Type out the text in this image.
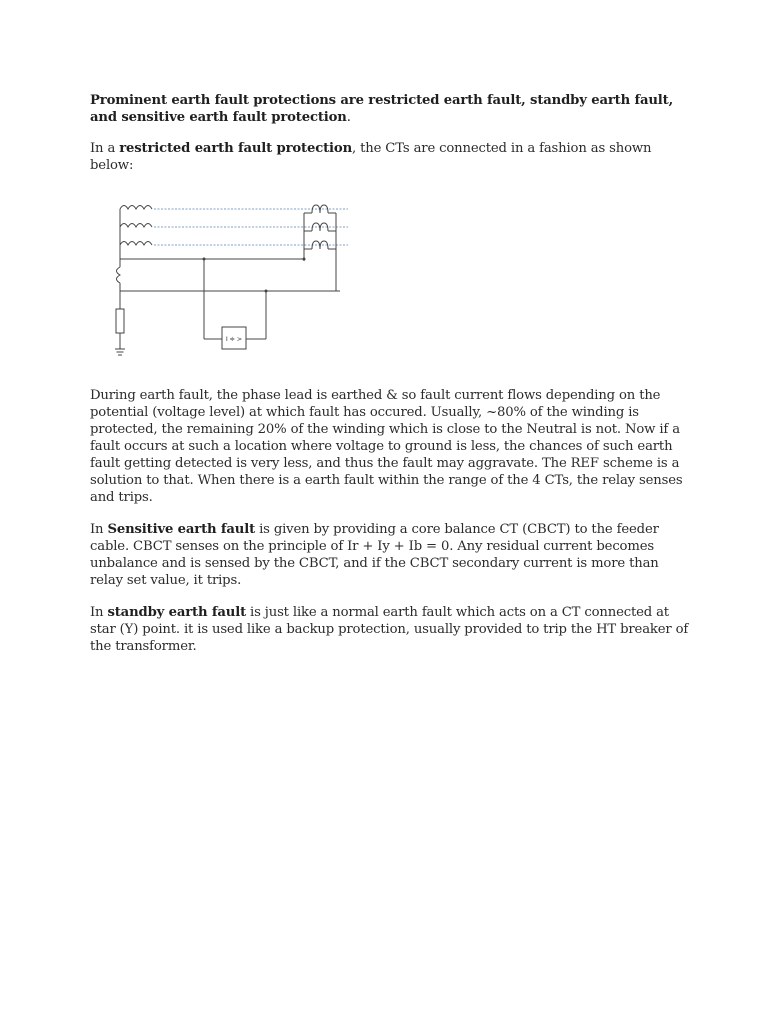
Prominent earth fault protections are restricted earth fault, standby earth fault, and sensitive earth fault protection.

In a restricted earth fault protection, the CTs are connected in a fashion as shown below:

I ≑ >

During earth fault, the phase lead is earthed & so fault current flows depending on the potential (voltage level) at which fault has occured. Usually, ~80% of the winding is protected, the remaining 20% of the winding which is close to the Neutral is not. Now if a fault occurs at such a location where voltage to ground is less, the chances of such earth fault getting detected is very less, and thus the fault may aggravate. The REF scheme is a solution to that. When there is a earth fault within the range of the 4 CTs, the relay senses and trips.

In Sensitive earth fault is given by providing a core balance CT (CBCT) to the feeder cable. CBCT senses on the principle of Ir + Iy + Ib = 0. Any residual current becomes unbalance and is sensed by the CBCT, and if the CBCT secondary current is more than relay set value, it trips.

In standby earth fault is just like a normal earth fault which acts on a CT connected at star (Y) point. it is used like a backup protection, usually provided to trip the HT breaker of the transformer.
